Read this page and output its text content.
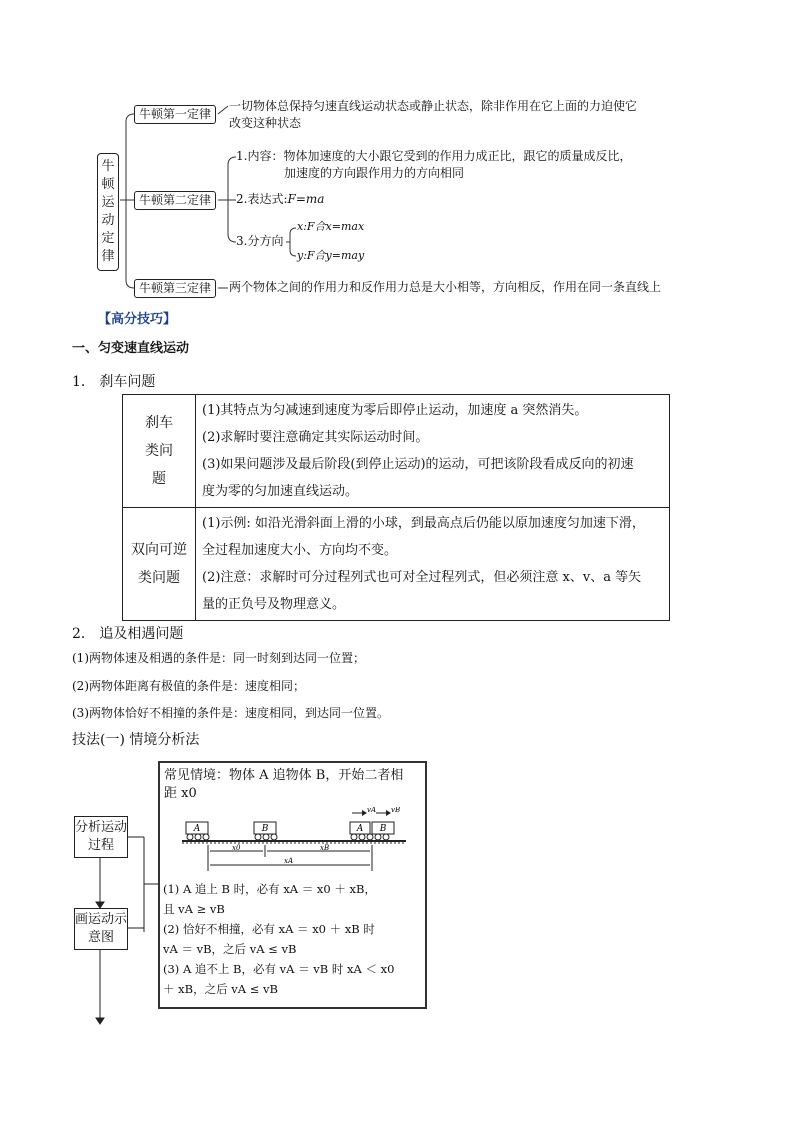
牛顿运动定律
牛顿第一定律
一切物体总保持匀速直线运动状态或静止状态，除非作用在它上面的力迫使它
改变这种状态
牛顿第二定律
1.内容：物体加速度的大小跟它受到的作用力成正比，跟它的质量成反比，
加速度的方向跟作用力的方向相同
2.表达式:F=ma
3.分方向
x:F合x=max
y:F合y=may
牛顿第三定律	两个物体之间的作用力和反作用力总是大小相等，方向相反，作用在同一条直线上
【高分技巧】
一、匀变速直线运动
1． 刹车问题
刹车类问题	(1)其特点为匀减速到速度为零后即停止运动，加速度 a 突然消失。
(2)求解时要注意确定其实际运动时间。
(3)如果问题涉及最后阶段(到停止运动)的运动，可把该阶段看成反向的初速
度为零的匀加速直线运动。

双向可逆类问题	(1)示例: 如沿光滑斜面上滑的小球，到最高点后仍能以原加速度匀加速下滑，
全过程加速度大小、方向均不变。
(2)注意：求解时可分过程列式也可对全过程列式，但必须注意 x、v、a 等矢
量的正负号及物理意义。
2． 追及相遇问题
(1)两物体速及相遇的条件是：同一时刻到达同一位置；
(2)两物体距离有极值的条件是：速度相同；
(3)两物体恰好不相撞的条件是：速度相同，到达同一位置。
技法(一) 情境分析法
分析运动过程
画运动示意图
常见情境：物体 A 追物体 B，开始二者相
距 x0
A	B	A B
vA vB
x0	xB
xA
(1) A 追上 B 时，必有 xA ＝ x0 ＋ xB，
且 vA ≥ vB
(2) 恰好不相撞，必有 xA ＝ x0 ＋ xB 时
vA ＝ vB，之后 vA ≤ vB
(3) A 追不上 B，必有 vA ＝ vB 时 xA ＜ x0
＋ xB，之后 vA ≤ vB
